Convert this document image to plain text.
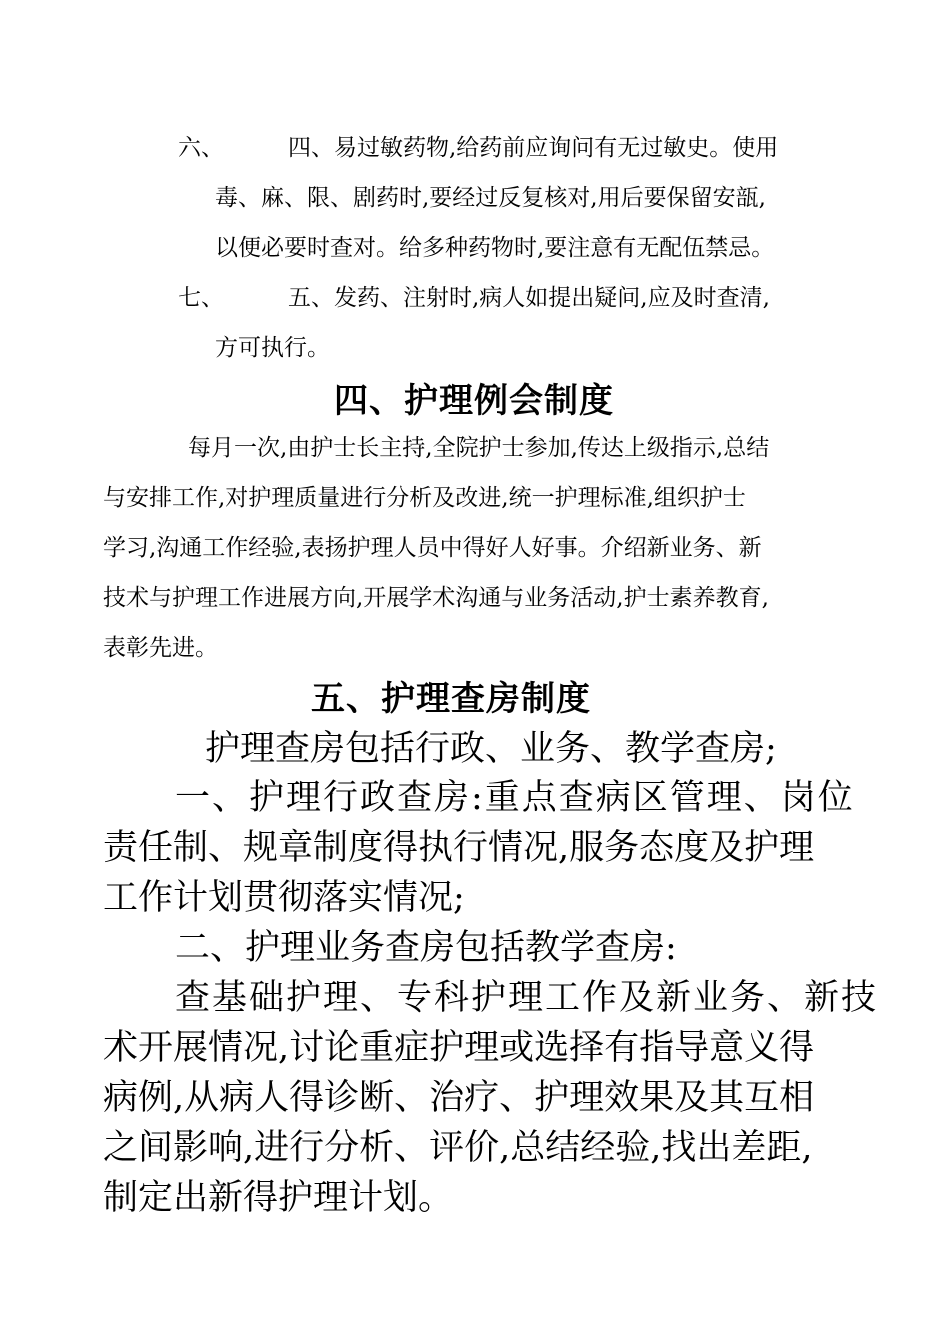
六、	四、易过敏药物,给药前应询问有无过敏史。使用

毒、麻、限、剧药时,要经过反复核对,用后要保留安瓿,

以便必要时查对。给多种药物时,要注意有无配伍禁忌。

七、	五、发药、注射时,病人如提出疑问,应及时查清,

方可执行。

四、护理例会制度

每月一次,由护士长主持,全院护士参加,传达上级指示,总结

与安排工作,对护理质量进行分析及改进,统一护理标准,组织护士

学习,沟通工作经验,表扬护理人员中得好人好事。介绍新业务、新

技术与护理工作进展方向,开展学术沟通与业务活动,护士素养教育,

表彰先进。

五、护理查房制度

护理查房包括行政、业务、教学查房;

一、护理行政查房:重点查病区管理、岗位

责任制、规章制度得执行情况,服务态度及护理

工作计划贯彻落实情况;

二、护理业务查房包括教学查房:

查基础护理、专科护理工作及新业务、新技

术开展情况,讨论重症护理或选择有指导意义得

病例,从病人得诊断、治疗、护理效果及其互相

之间影响,进行分析、评价,总结经验,找出差距,

制定出新得护理计划。
